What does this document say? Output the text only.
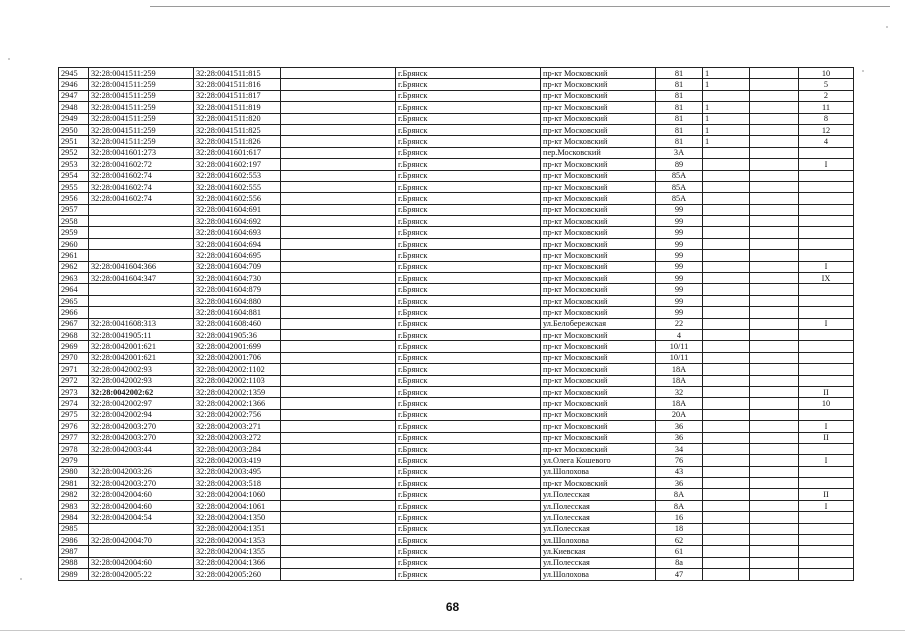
2945	32:28:0041511:259	32:28:0041511:815		г.Брянск	пр-кт Московский	81	1		10
2946	32:28:0041511:259	32:28:0041511:816		г.Брянск	пр-кт Московский	81	1		5
2947	32:28:0041511:259	32:28:0041511:817		г.Брянск	пр-кт Московский	81			2
2948	32:28:0041511:259	32:28:0041511:819		г.Брянск	пр-кт Московский	81	1		11
2949	32:28:0041511:259	32:28:0041511:820		г.Брянск	пр-кт Московский	81	1		8
2950	32:28:0041511:259	32:28:0041511:825		г.Брянск	пр-кт Московский	81	1		12
2951	32:28:0041511:259	32:28:0041511:826		г.Брянск	пр-кт Московский	81	1		4
2952	32:28:0041601:273	32:28:0041601:617		г.Брянск	пер.Московский	3А			
2953	32:28:0041602:72	32:28:0041602:197		г.Брянск	пр-кт Московский	89			I
2954	32:28:0041602:74	32:28:0041602:553		г.Брянск	пр-кт Московский	85А			
2955	32:28:0041602:74	32:28:0041602:555		г.Брянск	пр-кт Московский	85А			
2956	32:28:0041602:74	32:28:0041602:556		г.Брянск	пр-кт Московский	85А			
2957		32:28:0041604:691		г.Брянск	пр-кт Московский	99			
2958		32:28:0041604:692		г.Брянск	пр-кт Московский	99			
2959		32:28:0041604:693		г.Брянск	пр-кт Московский	99			
2960		32:28:0041604:694		г.Брянск	пр-кт Московский	99			
2961		32:28:0041604:695		г.Брянск	пр-кт Московский	99			
2962	32:28:0041604:366	32:28:0041604:709		г.Брянск	пр-кт Московский	99			I
2963	32:28:0041604:347	32:28:0041604:730		г.Брянск	пр-кт Московский	99			IX
2964		32:28:0041604:879		г.Брянск	пр-кт Московский	99			
2965		32:28:0041604:880		г.Брянск	пр-кт Московский	99			
2966		32:28:0041604:881		г.Брянск	пр-кт Московский	99			
2967	32:28:0041608:313	32:28:0041608:460		г.Брянск	ул.Белобережская	22			I
2968	32:28:0041905:11	32:28:0041905:36		г.Брянск	пр-кт Московский	4			
2969	32:28:0042001:621	32:28:0042001:699		г.Брянск	пр-кт Московский	10/11			
2970	32:28:0042001:621	32:28:0042001:706		г.Брянск	пр-кт Московский	10/11			
2971	32:28:0042002:93	32:28:0042002:1102		г.Брянск	пр-кт Московский	18А			
2972	32:28:0042002:93	32:28:0042002:1103		г.Брянск	пр-кт Московский	18А			
2973	32:28:0042002:62	32:28:0042002:1359		г.Брянск	пр-кт Московский	32			II
2974	32:28:0042002:97	32:28:0042002:1366		г.Брянск	пр-кт Московский	18А			10
2975	32:28:0042002:94	32:28:0042002:756		г.Брянск	пр-кт Московский	20А			
2976	32:28:0042003:270	32:28:0042003:271		г.Брянск	пр-кт Московский	36			I
2977	32:28:0042003:270	32:28:0042003:272		г.Брянск	пр-кт Московский	36			II
2978	32:28:0042003:44	32:28:0042003:284		г.Брянск	пр-кт Московский	34			
2979		32:28:0042003:419		г.Брянск	ул.Олега Кошевого	76			I
2980	32:28:0042003:26	32:28:0042003:495		г.Брянск	ул.Шолохова	43			
2981	32:28:0042003:270	32:28:0042003:518		г.Брянск	пр-кт Московский	36			
2982	32:28:0042004:60	32:28:0042004:1060		г.Брянск	ул.Полесская	8А			II
2983	32:28:0042004:60	32:28:0042004:1061		г.Брянск	ул.Полесская	8А			I
2984	32:28:0042004:54	32:28:0042004:1350		г.Брянск	ул.Полесская	16			
2985		32:28:0042004:1351		г.Брянск	ул.Полесская	18			
2986	32:28:0042004:70	32:28:0042004:1353		г.Брянск	ул.Шолохова	62			
2987		32:28:0042004:1355		г.Брянск	ул.Киевская	61			
2988	32:28:0042004:60	32:28:0042004:1366		г.Брянск	ул.Полесская	8а			
2989	32:28:0042005:22	32:28:0042005:260		г.Брянск	ул.Шолохова	47			
68
